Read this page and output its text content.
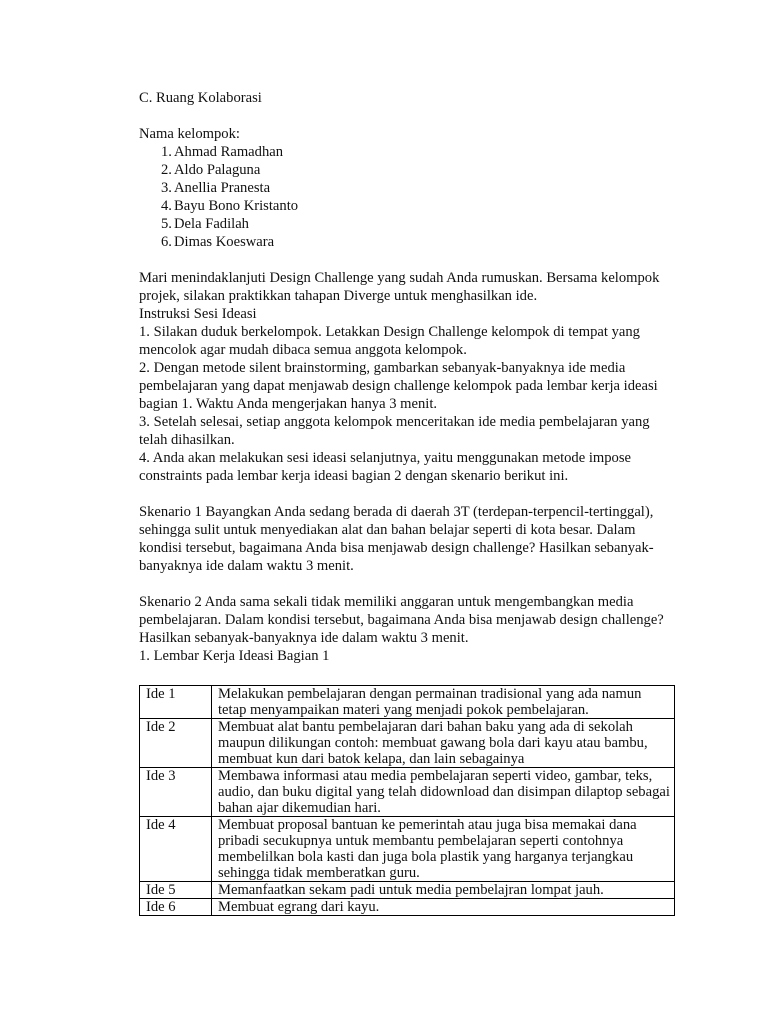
C. Ruang Kolaborasi

Nama kelompok:

1. Ahmad Ramadhan
2. Aldo Palaguna
3. Anellia Pranesta
4. Bayu Bono Kristanto
5. Dela Fadilah
6. Dimas Koeswara

Mari menindaklanjuti Design Challenge yang sudah Anda rumuskan. Bersama kelompok projek, silakan praktikkan tahapan Diverge untuk menghasilkan ide.

Instruksi Sesi Ideasi

1. Silakan duduk berkelompok. Letakkan Design Challenge kelompok di tempat yang mencolok agar mudah dibaca semua anggota kelompok.

2. Dengan metode silent brainstorming, gambarkan sebanyak-banyaknya ide media pembelajaran yang dapat menjawab design challenge kelompok pada lembar kerja ideasi bagian 1. Waktu Anda mengerjakan hanya 3 menit.

3. Setelah selesai, setiap anggota kelompok menceritakan ide media pembelajaran yang telah dihasilkan.

4. Anda akan melakukan sesi ideasi selanjutnya, yaitu menggunakan metode impose constraints pada lembar kerja ideasi bagian 2 dengan skenario berikut ini.

Skenario 1 Bayangkan Anda sedang berada di daerah 3T (terdepan-terpencil-tertinggal), sehingga sulit untuk menyediakan alat dan bahan belajar seperti di kota besar. Dalam kondisi tersebut, bagaimana Anda bisa menjawab design challenge? Hasilkan sebanyak-banyaknya ide dalam waktu 3 menit.

Skenario 2 Anda sama sekali tidak memiliki anggaran untuk mengembangkan media pembelajaran. Dalam kondisi tersebut, bagaimana Anda bisa menjawab design challenge? Hasilkan sebanyak-banyaknya ide dalam waktu 3 menit.

1. Lembar Kerja Ideasi Bagian 1

Ide 1	Melakukan pembelajaran dengan permainan tradisional yang ada namun tetap menyampaikan materi yang menjadi pokok pembelajaran.
Ide 2	Membuat alat bantu pembelajaran dari bahan baku yang ada di sekolah maupun dilikungan contoh: membuat gawang bola dari kayu atau bambu, membuat kun dari batok kelapa, dan lain sebagainya
Ide 3	Membawa informasi atau media pembelajaran seperti video, gambar, teks, audio, dan buku digital yang telah didownload dan disimpan dilaptop sebagai bahan ajar dikemudian hari.
Ide 4	Membuat proposal bantuan ke pemerintah atau juga bisa memakai dana pribadi secukupnya untuk membantu pembelajaran seperti contohnya membelilkan bola kasti dan juga bola plastik yang harganya terjangkau sehingga tidak memberatkan guru.
Ide 5	Memanfaatkan sekam padi untuk media pembelajran lompat jauh.
Ide 6	Membuat egrang dari kayu.
